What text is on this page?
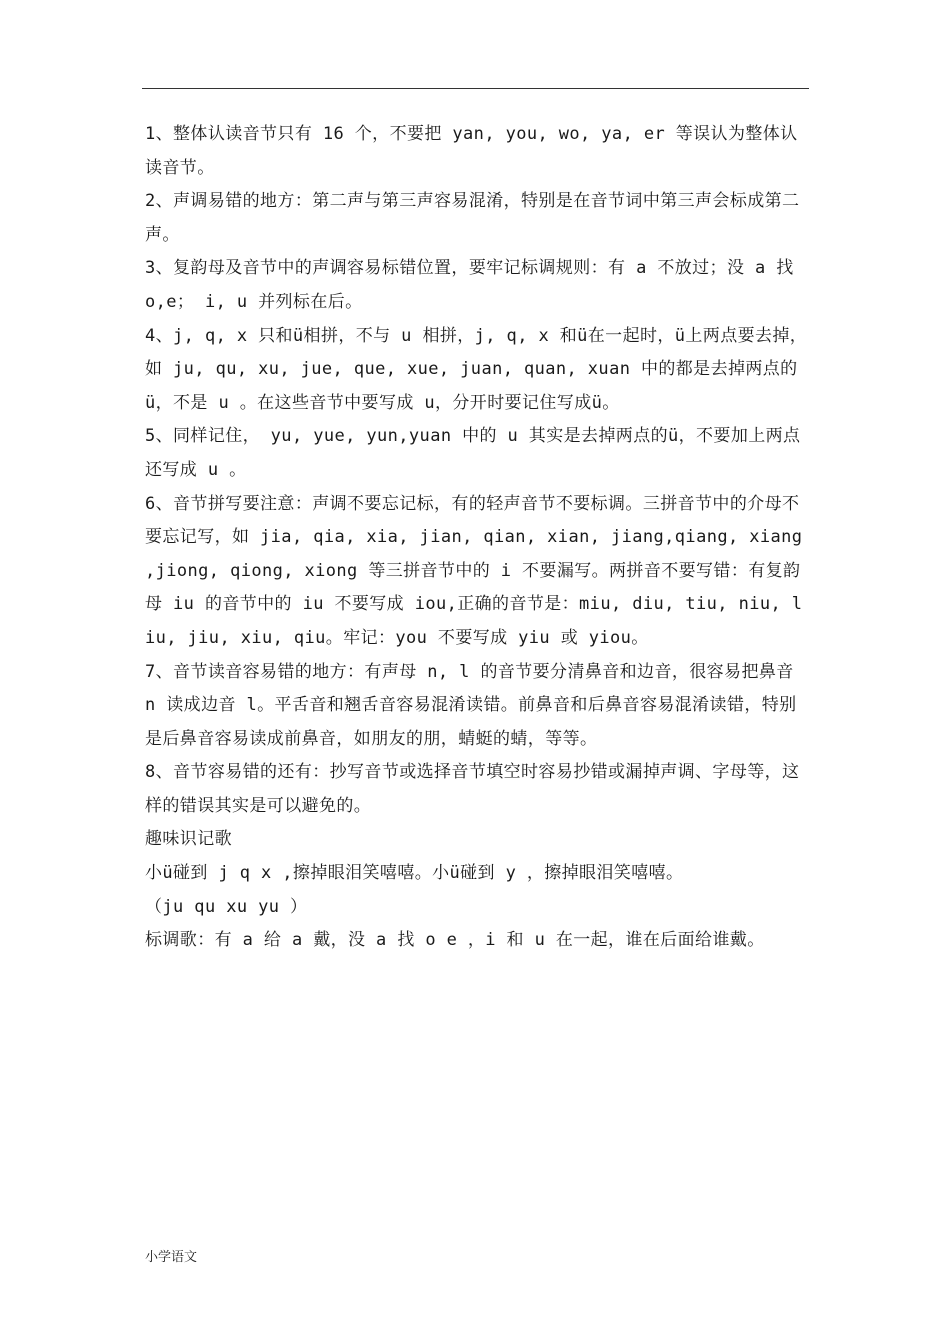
1、整体认读音节只有 16 个，不要把 yan, you, wo, ya, er 等误认为整体认读音节。

2、声调易错的地方：第二声与第三声容易混淆，特别是在音节词中第三声会标成第二声。

3、复韵母及音节中的声调容易标错位置，要牢记标调规则：有 a 不放过；没 a 找 o,e； i, u 并列标在后。

4、j, q, x 只和ü相拼，不与 u 相拼，j, q, x 和ü在一起时，ü上两点要去掉，如 ju, qu, xu, jue, que, xue, juan, quan, xuan 中的都是去掉两点的ü，不是 u 。在这些音节中要写成 u，分开时要记住写成ü。

5、同样记住， yu, yue, yun,yuan 中的 u 其实是去掉两点的ü，不要加上两点还写成 u 。

6、音节拼写要注意：声调不要忘记标，有的轻声音节不要标调。三拼音节中的介母不要忘记写，如 jia, qia, xia, jian, qian, xian, jiang,qiang, xiang ,jiong, qiong, xiong 等三拼音节中的 i 不要漏写。两拼音不要写错：有复韵母 iu 的音节中的 iu 不要写成 iou,正确的音节是：miu, diu, tiu, niu, liu, jiu, xiu, qiu。牢记：you 不要写成 yiu 或 yiou。

7、音节读音容易错的地方：有声母 n, l 的音节要分清鼻音和边音，很容易把鼻音 n 读成边音 l。平舌音和翘舌音容易混淆读错。前鼻音和后鼻音容易混淆读错，特别是后鼻音容易读成前鼻音，如朋友的朋，蜻蜓的蜻，等等。

8、音节容易错的还有：抄写音节或选择音节填空时容易抄错或漏掉声调、字母等，这样的错误其实是可以避免的。

趣味识记歌

小ü碰到 j q x ,擦掉眼泪笑嘻嘻。小ü碰到 y ，擦掉眼泪笑嘻嘻。

（ju qu xu yu ）

标调歌：有 a 给 a 戴，没 a 找 o e ，i 和 u 在一起，谁在后面给谁戴。

小学语文
